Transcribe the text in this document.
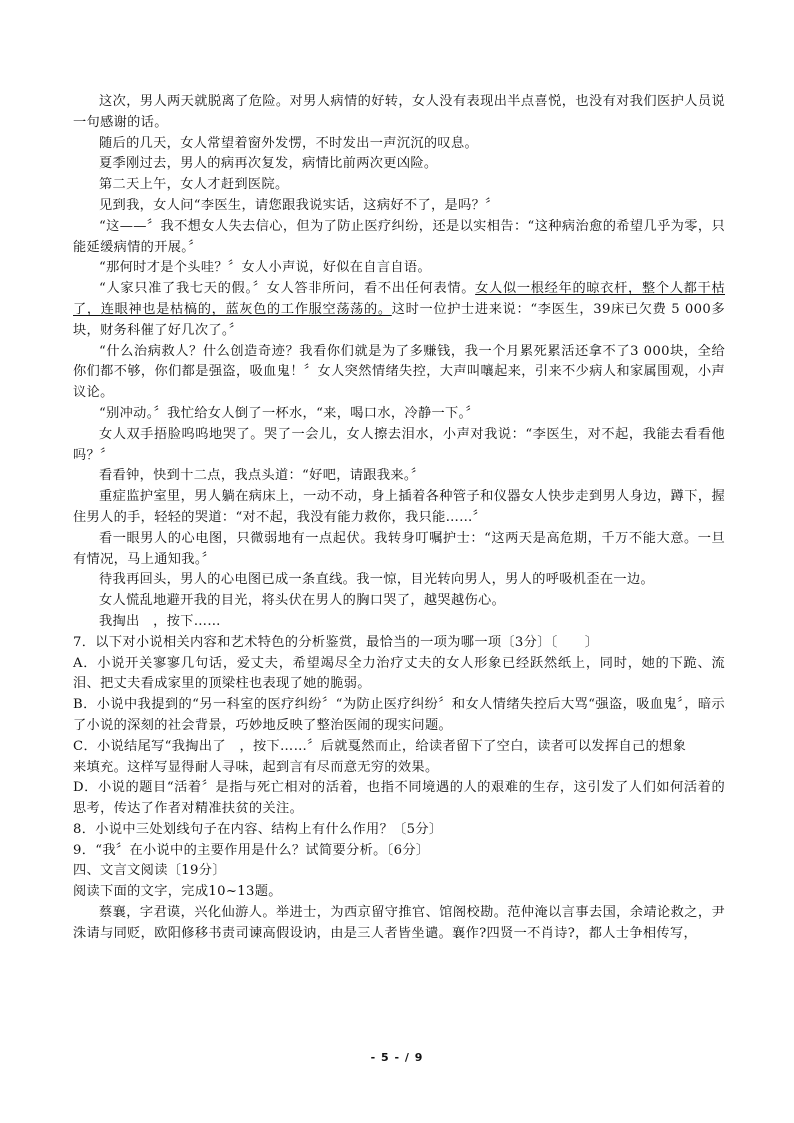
这次，男人两天就脱离了危险。对男人病情的好转，女人没有表现出半点喜悦，也没有对我们医护人员说一句感谢的话。

随后的几天，女人常望着窗外发愣，不时发出一声沉沉的叹息。

夏季刚过去，男人的病再次复发，病情比前两次更凶险。

第二天上午，女人才赶到医院。

见到我，女人问“李医生，请您跟我说实话，这病好不了，是吗？〞

“这——〞我不想女人失去信心，但为了防止医疗纠纷，还是以实相告：“这种病治愈的希望几乎为零，只能延缓病情的开展。〞

“那何时才是个头哇？〞女人小声说，好似在自言自语。

“人家只准了我七天的假。〞女人答非所问，看不出任何表情。女人似一根经年的晾衣杆，整个人都干枯了，连眼神也是枯槁的，蓝灰色的工作服空荡荡的。这时一位护士进来说：“李医生，39床已欠费 5 000多块，财务科催了好几次了。〞

“什么治病救人？什么创造奇迹？我看你们就是为了多赚钱，我一个月累死累活还拿不了3 000块，全给你们都不够，你们都是强盗，吸血鬼！〞女人突然情绪失控，大声叫嚷起来，引来不少病人和家属围观，小声议论。

“别冲动。〞我忙给女人倒了一杯水，“来，喝口水，冷静一下。〞

女人双手捂脸呜呜地哭了。哭了一会儿，女人擦去泪水，小声对我说：“李医生，对不起，我能去看看他吗？〞

看看钟，快到十二点，我点头道：“好吧，请跟我来。〞

重症监护室里，男人躺在病床上，一动不动，身上插着各种管子和仪器女人快步走到男人身边，蹲下，握住男人的手，轻轻的哭道：“对不起，我没有能力救你，我只能……〞

看一眼男人的心电图，只微弱地有一点起伏。我转身叮嘱护士：“这两天是高危期，千万不能大意。一旦有情况，马上通知我。〞

待我再回头，男人的心电图已成一条直线。我一惊，目光转向男人，男人的呼吸机歪在一边。

女人慌乱地避开我的目光，将头伏在男人的胸口哭了，越哭越伤心。

我掏出　，按下……

7．以下对小说相关内容和艺术特色的分析鉴赏，最恰当的一项为哪一项〔3分〕〔　　〕

A．小说开关寥寥几句话，爱丈夫，希望竭尽全力治疗丈夫的女人形象已经跃然纸上，同时，她的下跪、流泪、把丈夫看成家里的顶梁柱也表现了她的脆弱。

B．小说中我提到的“另一科室的医疗纠纷〞“为防止医疗纠纷〞和女人情绪失控后大骂“强盗，吸血鬼〞，暗示了小说的深刻的社会背景，巧妙地反映了整治医闹的现实问题。

C．小说结尾写“我掏出了　，按下……〞后就戛然而止，给读者留下了空白，读者可以发挥自己的想象

来填充。这样写显得耐人寻味，起到言有尽而意无穷的效果。

D．小说的题目“活着〞是指与死亡相对的活着，也指不同境遇的人的艰难的生存，这引发了人们如何活着的思考，传达了作者对精准扶贫的关注。

8．小说中三处划线句子在内容、结构上有什么作用？〔5分〕

9．“我〞在小说中的主要作用是什么？试简要分析。〔6分〕

四、文言文阅读〔19分〕

阅读下面的文字，完成10~13题。

蔡襄，字君谟，兴化仙游人。举进士，为西京留守推官、馆阁校勘。范仲淹以言事去国，余靖论救之，尹洙请与同贬，欧阳修移书责司谏高假设讷，由是三人者皆坐谴。襄作?四贤一不肖诗?，都人士争相传写，

- 5 - / 9
